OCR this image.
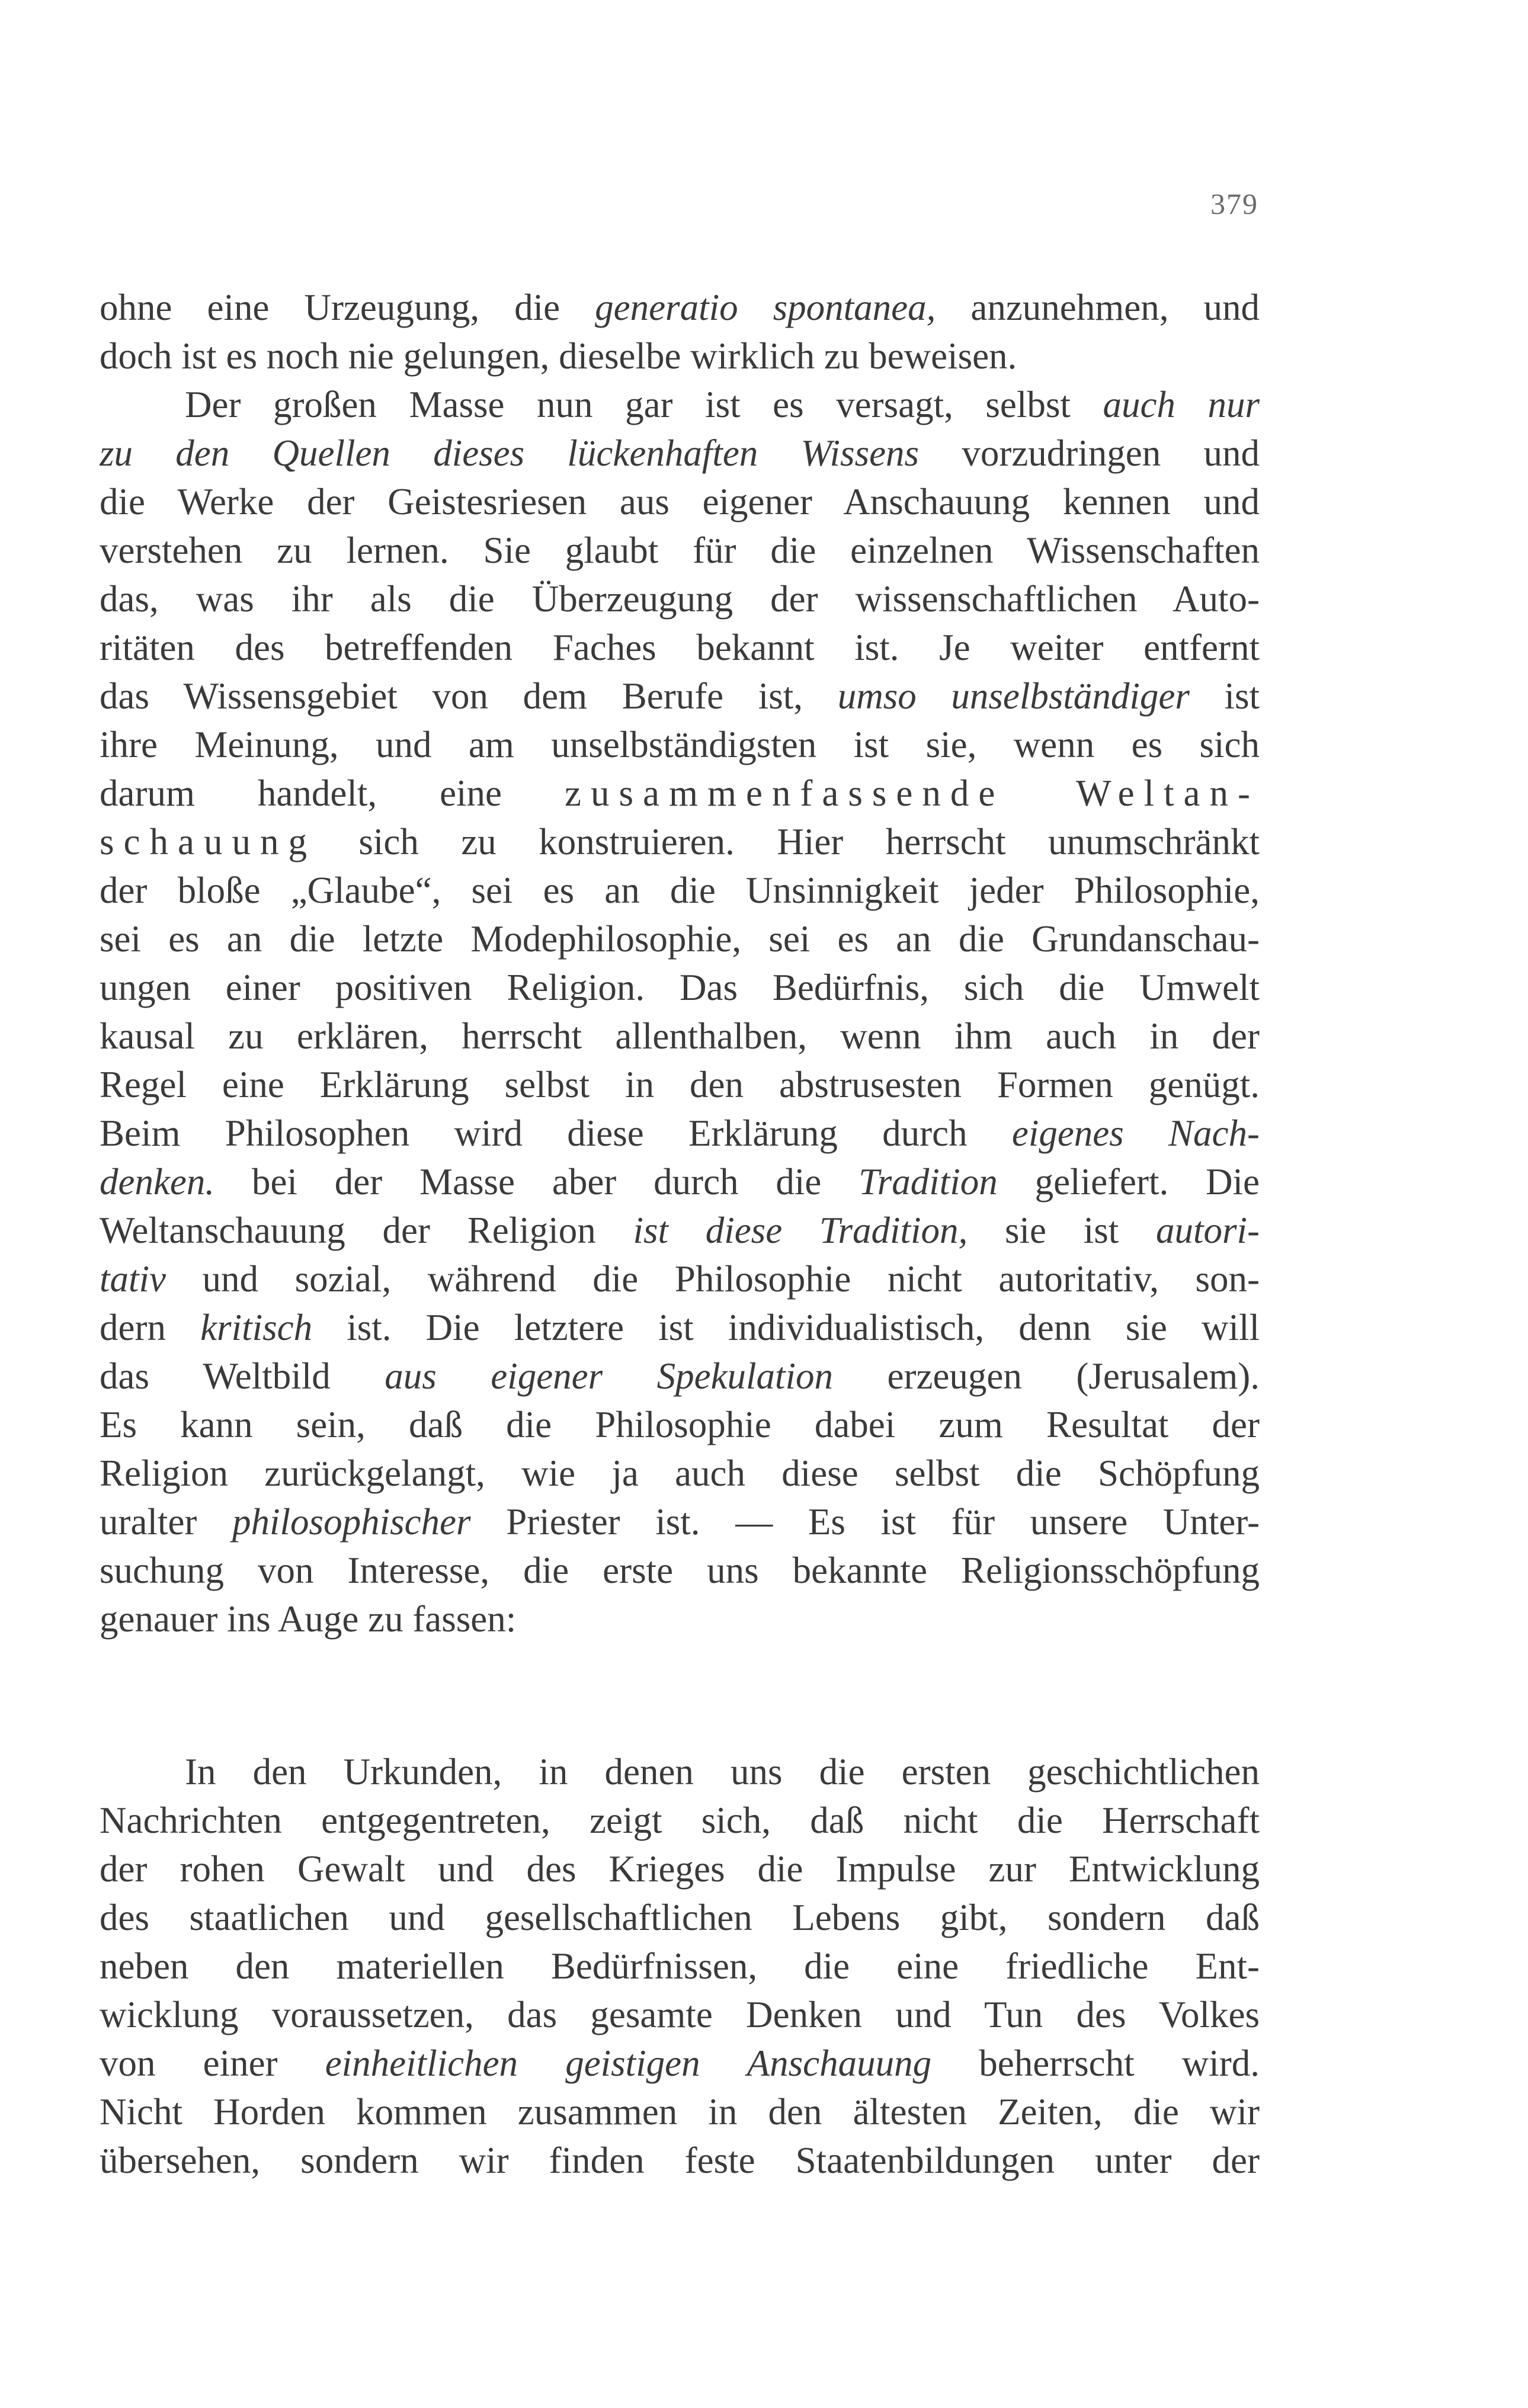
379
ohne eine Urzeugung, die generatio spontanea, anzunehmen, und
doch ist es noch nie gelungen, dieselbe wirklich zu beweisen.
Der großen Masse nun gar ist es versagt, selbst auch nur
zu den Quellen dieses lückenhaften Wissens vorzudringen und
die Werke der Geistesriesen aus eigener Anschauung kennen und
verstehen zu lernen. Sie glaubt für die einzelnen Wissenschaften
das, was ihr als die Überzeugung der wissenschaftlichen Auto-
ritäten des betreffenden Faches bekannt ist. Je weiter entfernt
das Wissensgebiet von dem Berufe ist, umso unselbständiger ist
ihre Meinung, und am unselbständigsten ist sie, wenn es sich
darum handelt, eine zusammenfassende Weltan-
schauung sich zu konstruieren. Hier herrscht unumschränkt
der bloße „Glaube“, sei es an die Unsinnigkeit jeder Philosophie,
sei es an die letzte Modephilosophie, sei es an die Grundanschau-
ungen einer positiven Religion. Das Bedürfnis, sich die Umwelt
kausal zu erklären, herrscht allenthalben, wenn ihm auch in der
Regel eine Erklärung selbst in den abstrusesten Formen genügt.
Beim Philosophen wird diese Erklärung durch eigenes Nach-
denken. bei der Masse aber durch die Tradition geliefert. Die
Weltanschauung der Religion ist diese Tradition, sie ist autori-
tativ und sozial, während die Philosophie nicht autoritativ, son-
dern kritisch ist. Die letztere ist individualistisch, denn sie will
das Weltbild aus eigener Spekulation erzeugen (Jerusalem).
Es kann sein, daß die Philosophie dabei zum Resultat der
Religion zurückgelangt, wie ja auch diese selbst die Schöpfung
uralter philosophischer Priester ist. — Es ist für unsere Unter-
suchung von Interesse, die erste uns bekannte Religionsschöpfung
genauer ins Auge zu fassen:
In den Urkunden, in denen uns die ersten geschichtlichen
Nachrichten entgegentreten, zeigt sich, daß nicht die Herrschaft
der rohen Gewalt und des Krieges die Impulse zur Entwicklung
des staatlichen und gesellschaftlichen Lebens gibt, sondern daß
neben den materiellen Bedürfnissen, die eine friedliche Ent-
wicklung voraussetzen, das gesamte Denken und Tun des Volkes
von einer einheitlichen geistigen Anschauung beherrscht wird.
Nicht Horden kommen zusammen in den ältesten Zeiten, die wir
übersehen, sondern wir finden feste Staatenbildungen unter der
